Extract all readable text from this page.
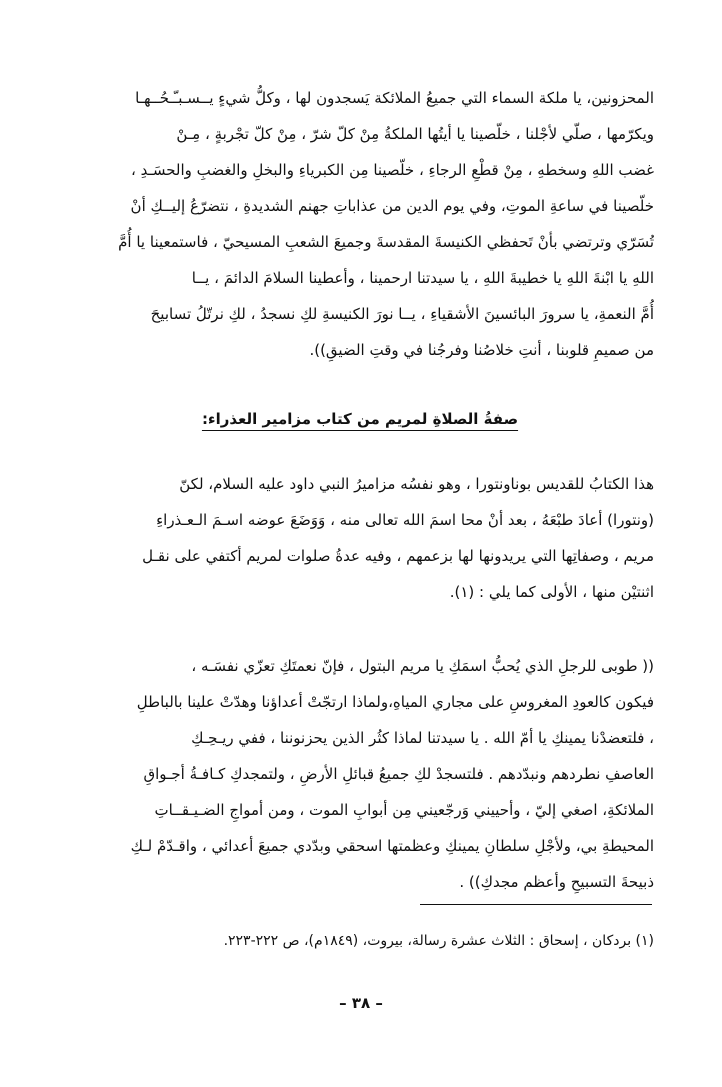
المحزونين، يا ملكة السماء التي جميعُ الملائكة يَسجدون لها ، وكلُّ شيءٍ يــسـبـّـحُــهـا
ويكرّمها ، صلّي لأجْلنا ، خلّصينا يا أيتُها الملكةُ مِنْ كلّ شرّ ، مِنْ كلّ تجْربةٍ ، مِـنْ
غضب اللهِ وسخطهِ ، مِنْ قطْعِ الرجاءِ ، خلّصينا مِن الكبرياءِ والبخلِ والغضبِ والحسَـدِ ،
خلّصينا في ساعةِ الموتِ، وفي يوم الدين من عذاباتِ جهنم الشديدةِ ، نتضرّعُ إليــكِ أنْ
تُسَرّي وترتضي بأنْ تَحفظي الكنيسةَ المقدسةَ وجميعَ الشعبِ المسيحيّ ، فاستمعينا يا أُمَّ
اللهِ يا ابْنةَ اللهِ يا خطيبةَ اللهِ ، يا سيدتنا ارحمينا ، وأعطينا السلامَ الدائمَ ، يــا
أُمَّ النعمةِ، يا سرورَ البائسينَ الأشقياءِ ، يــا نورَ الكنيسةِ لكِ نسجدُ ، لكِ نرتّلُ تسابيحَ
من صميمِ قلوبنا ، أنتِ خلاصُنا وفرجُنا في وقتِ الضيقِ)).
صفةُ الصلاةِ لمريم من كتاب مزامير العذراء:
هذا الكتابُ للقديس بوناونتورا ، وهو نفسُه مزاميرُ النبي داود عليه السلام، لكنّ
(ونتورا) أعادَ طبْعَهُ ، بعد أنْ محا اسمَ الله تعالى منه ، وَوَضَعَ عوضه اسـمَ الـعـذراءِ
مريم ، وصفاتِها التي يريدونها لها بزعمهم ، وفيه عدةُ صلوات لمريم أكتفي على نقـل
اثنتيْن منها ، الأولى كما يلي : (١).
(( طوبى للرجلِ الذي يُحبُّ اسمَكِ يا مريم البتول ، فإنّ نعمتَكِ تعزّي نفسَـه ،
فيكون كالعودِ المغروسِ على مجاري المياهِ،ولماذا ارتجّتْ أعداؤنا وهدّتْ علينا بالباطلِ
، فلتعضدْنا يمينكِ يا أمّ الله . يا سيدتنا لماذا كثُر الذين يحزنوننا ، ففي ريـحِـكِ
العاصفِ نطردهم ونبدّدهم . فلتسجدْ لكِ جميعُ قبائلِ الأرضِ ، ولتمجدكِ كـافـةُ أجـواقِ
الملائكةِ، اصغي إليّ ، وأحييني وَرجّعيني مِن أبوابِ الموت ، ومن أمواجِ الضـيـقــاتِ
المحيطةِ بي، ولأجْلِ سلطانِ يمينكِ وعظمتها اسحقي وبدّدي جميعَ أعدائي ، واقـدّمْ لـكِ
ذبيحةَ التسبيحِ وأعظم مجدكِ)) .
(١) بردكان ، إسحاق : الثلاث عشرة رسالة، بيروت، (١٨٤٩م)، ص ٢٢٢-٢٢٣.
– ٣٨ –
